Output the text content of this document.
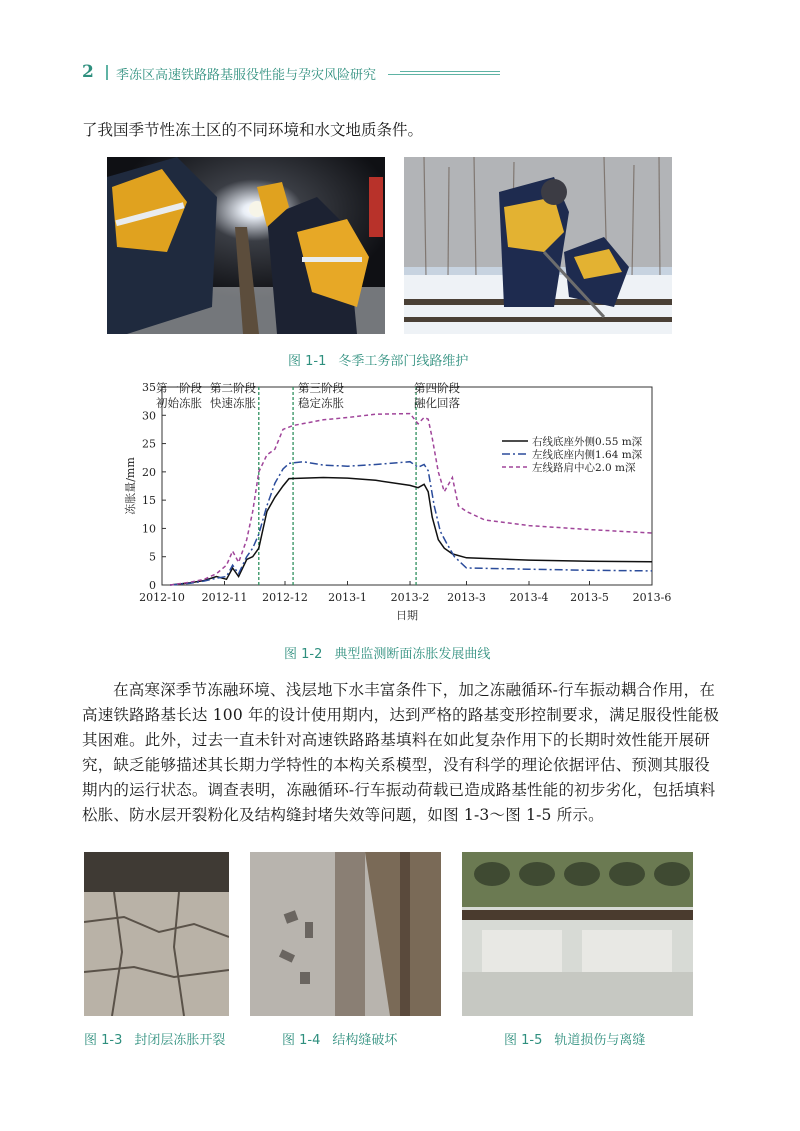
2 季冻区高速铁路路基服役性能与孕灾风险研究

了我国季节性冻土区的不同环境和水文地质条件。

图 1-1 冬季工务部门线路维护
0
5
10
15
20
25
30
35
2012-10 2012-11 2012-12 2013-1 2013-2 2013-3 2013-4 2013-5 2013-6
日期
冻胀量/mm
第一阶段
初始冻胀
第二阶段
快速冻胀
第三阶段
稳定冻胀
第四阶段
融化回落
右线底座外侧0.55 m深
左线底座内侧1.64 m深
左线路肩中心2.0 m深
图 1-2 典型监测断面冻胀发展曲线

在高寒深季节冻融环境、浅层地下水丰富条件下，加之冻融循环-行车振动耦合作用，在高速铁路路基长达 100 年的设计使用期内，达到严格的路基变形控制要求，满足服役性能极其困难。此外，过去一直未针对高速铁路路基填料在如此复杂作用下的长期时效性能开展研究，缺乏能够描述其长期力学特性的本构关系模型，没有科学的理论依据评估、预测其服役期内的运行状态。调查表明，冻融循环-行车振动荷载已造成路基性能的初步劣化，包括填料松胀、防水层开裂粉化及结构缝封堵失效等问题，如图 1-3～图 1-5 所示。

图 1-3 封闭层冻胀开裂	图 1-4 结构缝破坏	图 1-5 轨道损伤与离缝
